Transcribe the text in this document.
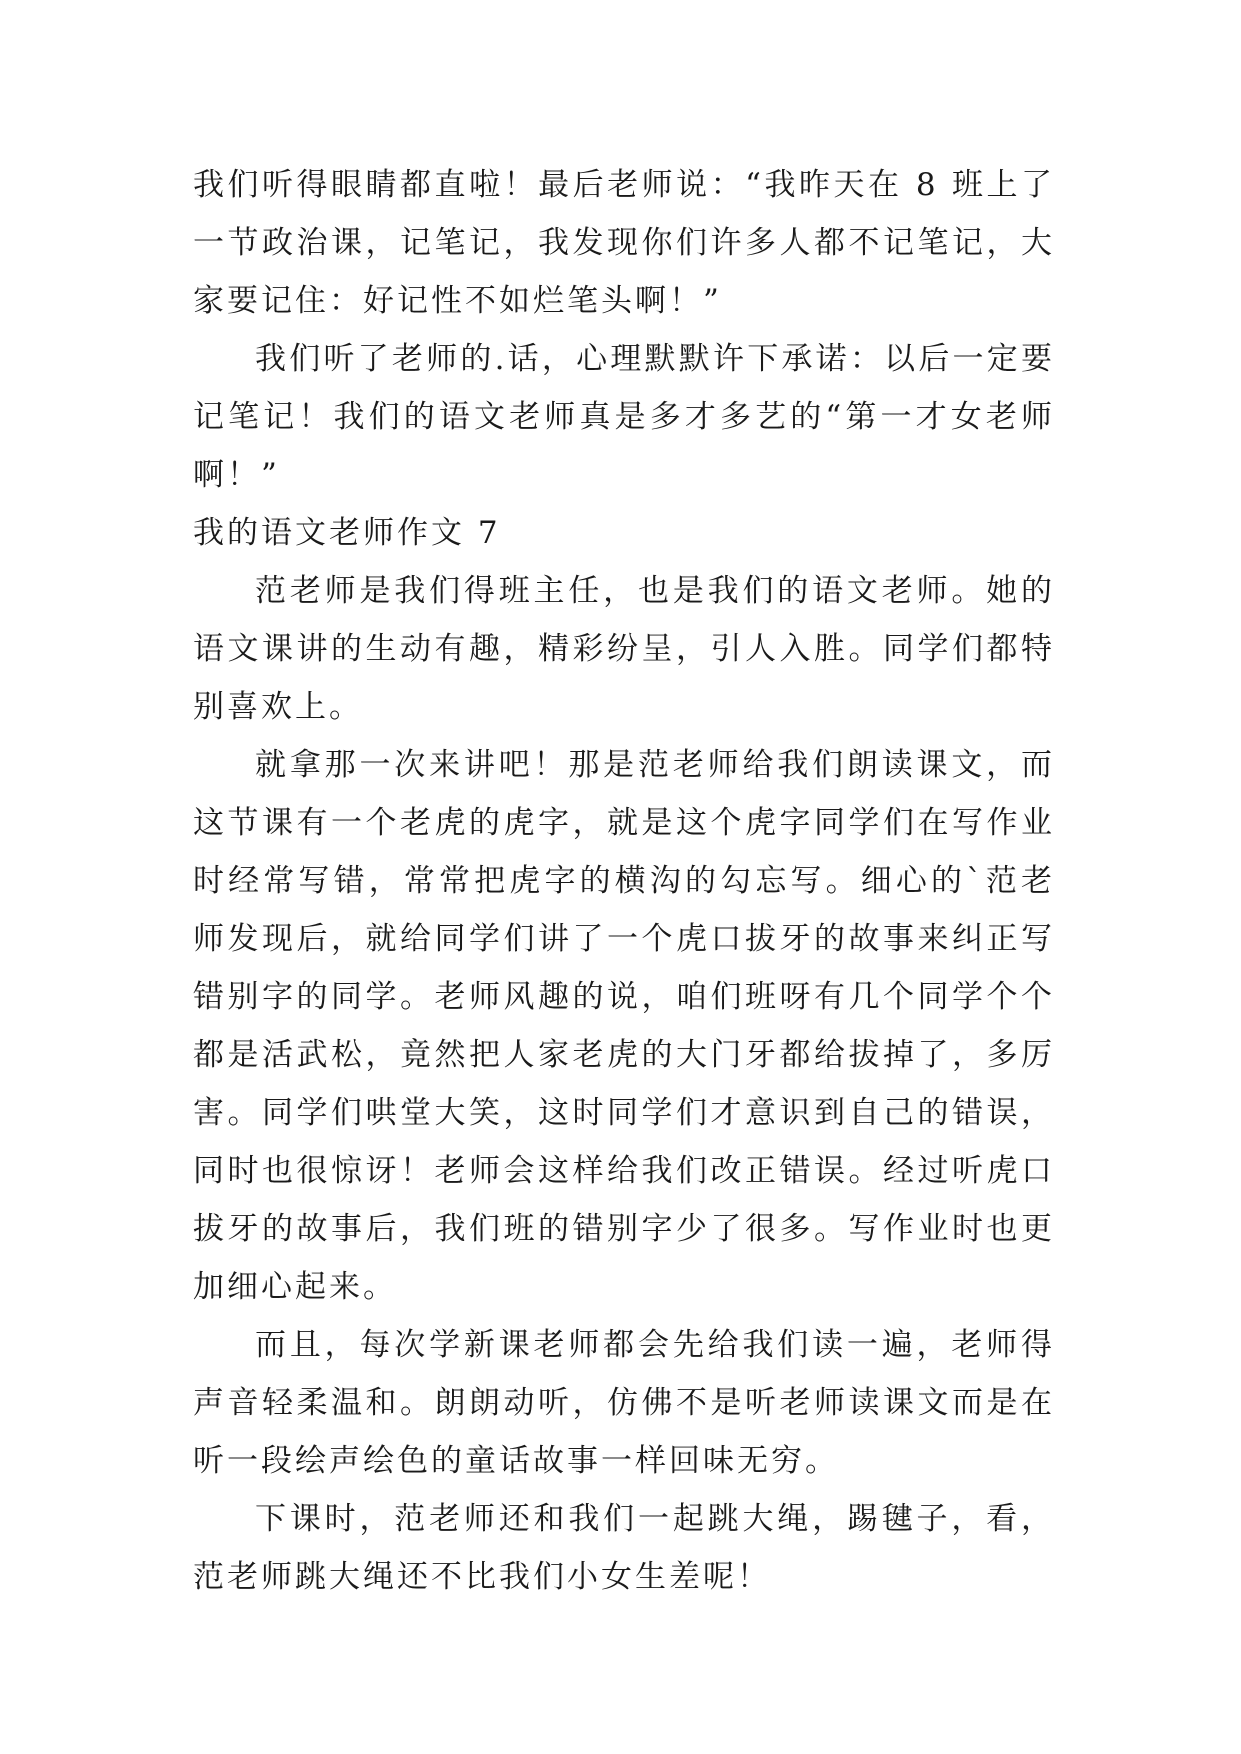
我们听得眼睛都直啦！最后老师说：“我昨天在 8 班上了一节政治课，记笔记，我发现你们许多人都不记笔记，大家要记住：好记性不如烂笔头啊！”

我们听了老师的.话，心理默默许下承诺：以后一定要记笔记！我们的语文老师真是多才多艺的“第一才女老师啊！”

我的语文老师作文 7

范老师是我们得班主任，也是我们的语文老师。她的语文课讲的生动有趣，精彩纷呈，引人入胜。同学们都特别喜欢上。

就拿那一次来讲吧！那是范老师给我们朗读课文，而这节课有一个老虎的虎字，就是这个虎字同学们在写作业时经常写错，常常把虎字的横沟的勾忘写。细心的`范老师发现后，就给同学们讲了一个虎口拔牙的故事来纠正写错别字的同学。老师风趣的说，咱们班呀有几个同学个个都是活武松，竟然把人家老虎的大门牙都给拔掉了，多厉害。同学们哄堂大笑，这时同学们才意识到自己的错误，同时也很惊讶！老师会这样给我们改正错误。经过听虎口拔牙的故事后，我们班的错别字少了很多。写作业时也更加细心起来。

而且，每次学新课老师都会先给我们读一遍，老师得声音轻柔温和。朗朗动听，仿佛不是听老师读课文而是在听一段绘声绘色的童话故事一样回味无穷。

下课时，范老师还和我们一起跳大绳，踢毽子，看，范老师跳大绳还不比我们小女生差呢！
